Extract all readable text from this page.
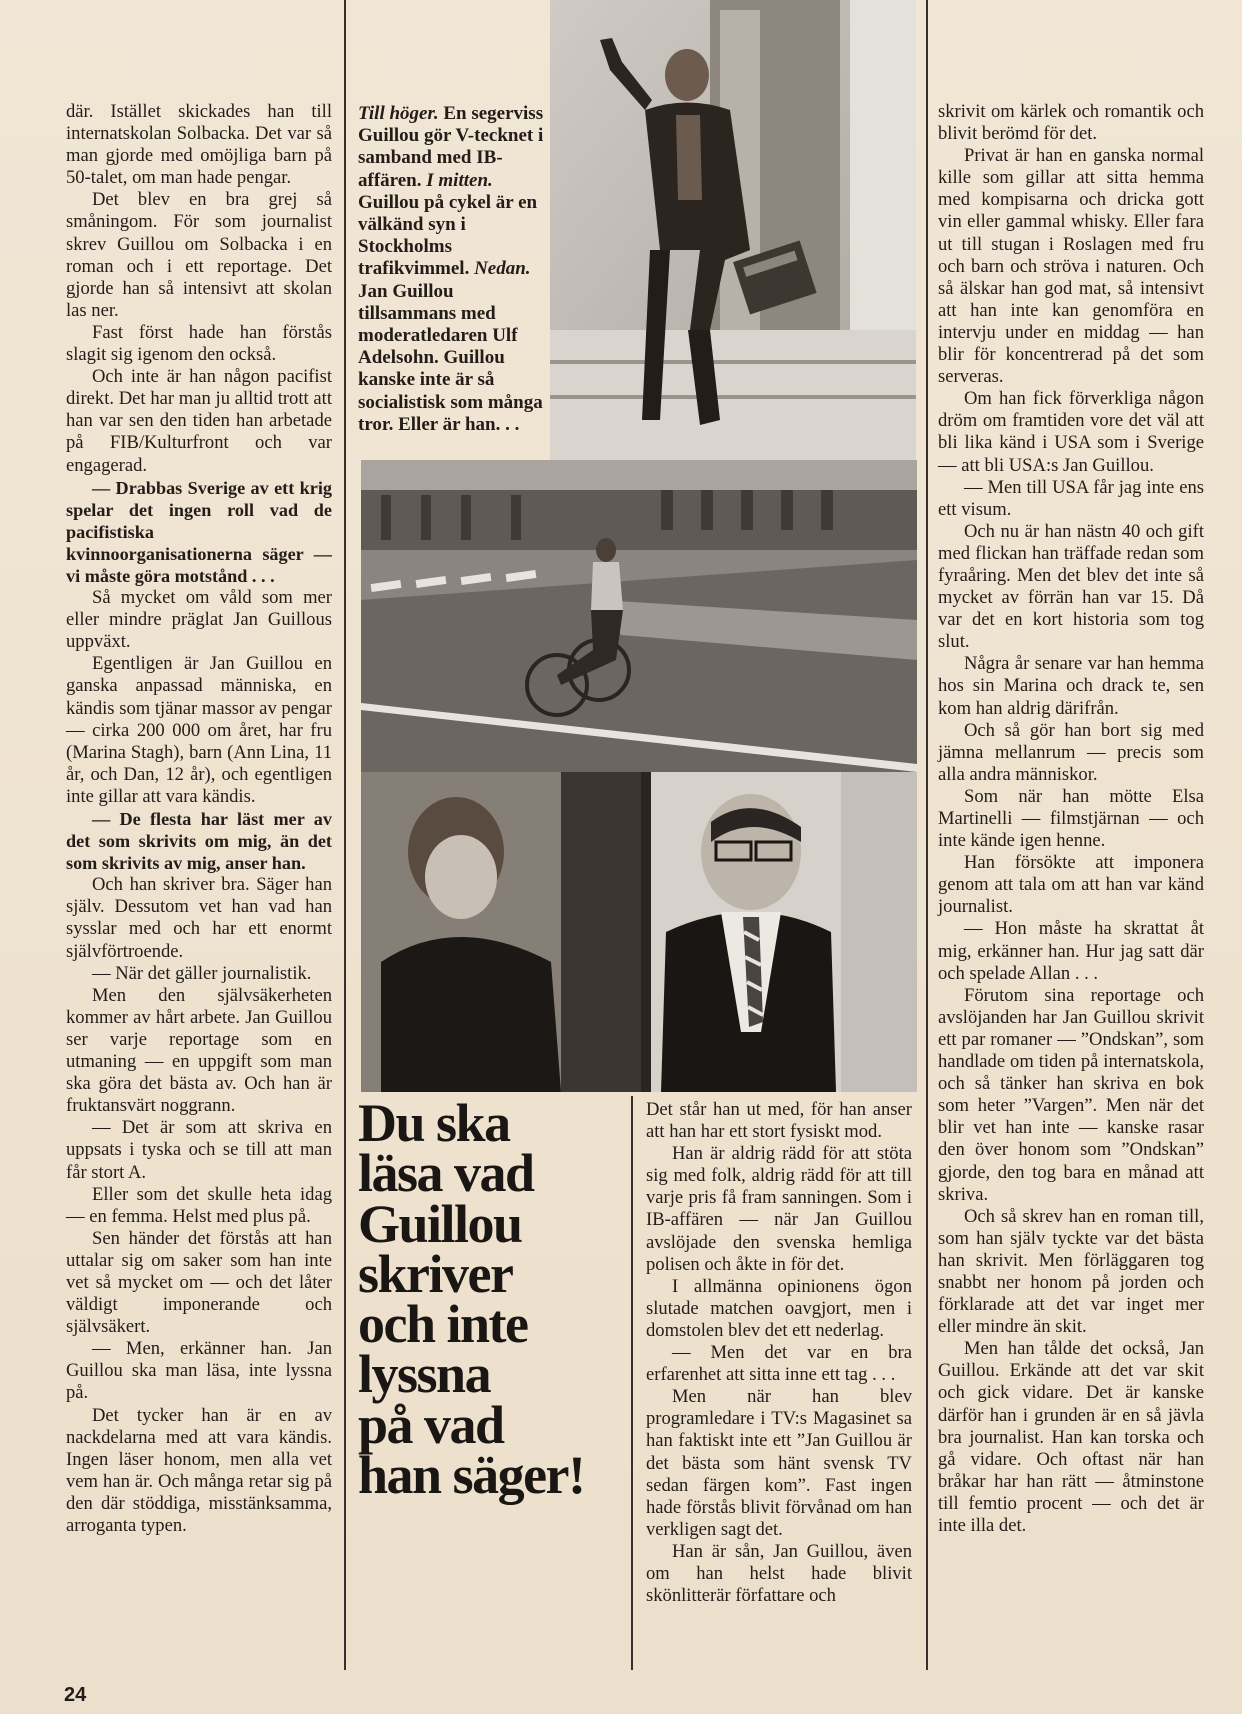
där. Istället skickades han till internatskolan Solbacka. Det var så man gjorde med omöjliga barn på 50-talet, om man hade pengar.

Det blev en bra grej så småningom. För som journalist skrev Guillou om Solbacka i en roman och i ett reportage. Det gjorde han så intensivt att skolan las ner.

Fast först hade han förstås slagit sig igenom den också.

Och inte är han någon pacifist direkt. Det har man ju alltid trott att han var sen den tiden han arbetade på FIB/Kulturfront och var engagerad.

— Drabbas Sverige av ett krig spelar det ingen roll vad de pacifistiska kvinnoorganisationerna säger — vi måste göra motstånd . . .

Så mycket om våld som mer eller mindre präglat Jan Guillous uppväxt.

Egentligen är Jan Guillou en ganska anpassad människa, en kändis som tjänar massor av pengar — cirka 200 000 om året, har fru (Marina Stagh), barn (Ann Lina, 11 år, och Dan, 12 år), och egentligen inte gillar att vara kändis.

— De flesta har läst mer av det som skrivits om mig, än det som skrivits av mig, anser han.

Och han skriver bra. Säger han själv. Dessutom vet han vad han sysslar med och har ett enormt självförtroende.

— När det gäller journalistik.

Men den självsäkerheten kommer av hårt arbete. Jan Guillou ser varje reportage som en utmaning — en uppgift som man ska göra det bästa av. Och han är fruktansvärt noggrann.

— Det är som att skriva en uppsats i tyska och se till att man får stort A.

Eller som det skulle heta idag — en femma. Helst med plus på.

Sen händer det förstås att han uttalar sig om saker som han inte vet så mycket om — och det låter väldigt imponerande och självsäkert.

— Men, erkänner han. Jan Guillou ska man läsa, inte lyssna på.

Det tycker han är en av nackdelarna med att vara kändis. Ingen läser honom, men alla vet vem han är. Och många retar sig på den där stöddiga, misstänksamma, arroganta typen.

Till höger. En segerviss Guillou gör V-tecknet i samband med IB-affären. I mitten. Guillou på cykel är en välkänd syn i Stockholms trafikvimmel. Nedan. Jan Guillou tillsammans med moderatledaren Ulf Adelsohn. Guillou kanske inte är så socialistisk som många tror. Eller är han. . .
Du ska
läsa vad
Guillou
skriver
och inte
lyssna
på vad
han säger!

Det står han ut med, för han anser att han har ett stort fysiskt mod.

Han är aldrig rädd för att stöta sig med folk, aldrig rädd för att till varje pris få fram sanningen. Som i IB-affären — när Jan Guillou avslöjade den svenska hemliga polisen och åkte in för det.

I allmänna opinionens ögon slutade matchen oavgjort, men i domstolen blev det ett nederlag.

— Men det var en bra erfarenhet att sitta inne ett tag . . .

Men när han blev programledare i TV:s Magasinet sa han faktiskt inte ett ”Jan Guillou är det bästa som hänt svensk TV sedan färgen kom”. Fast ingen hade förstås blivit förvånad om han verkligen sagt det.

Han är sån, Jan Guillou, även om han helst hade blivit skönlitterär författare och

skrivit om kärlek och romantik och blivit berömd för det.

Privat är han en ganska normal kille som gillar att sitta hemma med kompisarna och dricka gott vin eller gammal whisky. Eller fara ut till stugan i Roslagen med fru och barn och ströva i naturen. Och så älskar han god mat, så intensivt att han inte kan genomföra en intervju under en middag — han blir för koncentrerad på det som serveras.

Om han fick förverkliga någon dröm om framtiden vore det väl att bli lika känd i USA som i Sverige — att bli USA:s Jan Guillou.

— Men till USA får jag inte ens ett visum.

Och nu är han nästn 40 och gift med flickan han träffade redan som fyraåring. Men det blev det inte så mycket av förrän han var 15. Då var det en kort historia som tog slut.

Några år senare var han hemma hos sin Marina och drack te, sen kom han aldrig därifrån.

Och så gör han bort sig med jämna mellanrum — precis som alla andra människor.

Som när han mötte Elsa Martinelli — filmstjärnan — och inte kände igen henne.

Han försökte att imponera genom att tala om att han var känd journalist.

— Hon måste ha skrattat åt mig, erkänner han. Hur jag satt där och spelade Allan . . .

Förutom sina reportage och avslöjanden har Jan Guillou skrivit ett par romaner — ”Ondskan”, som handlade om tiden på internatskola, och så tänker han skriva en bok som heter ”Vargen”. Men när det blir vet han inte — kanske rasar den över honom som ”Ondskan” gjorde, den tog bara en månad att skriva.

Och så skrev han en roman till, som han själv tyckte var det bästa han skrivit. Men förläggaren tog snabbt ner honom på jorden och förklarade att det var inget mer eller mindre än skit.

Men han tålde det också, Jan Guillou. Erkände att det var skit och gick vidare. Det är kanske därför han i grunden är en så jävla bra journalist. Han kan torska och gå vidare. Och oftast när han bråkar har han rätt — åtminstone till femtio procent — och det är inte illa det.

24
